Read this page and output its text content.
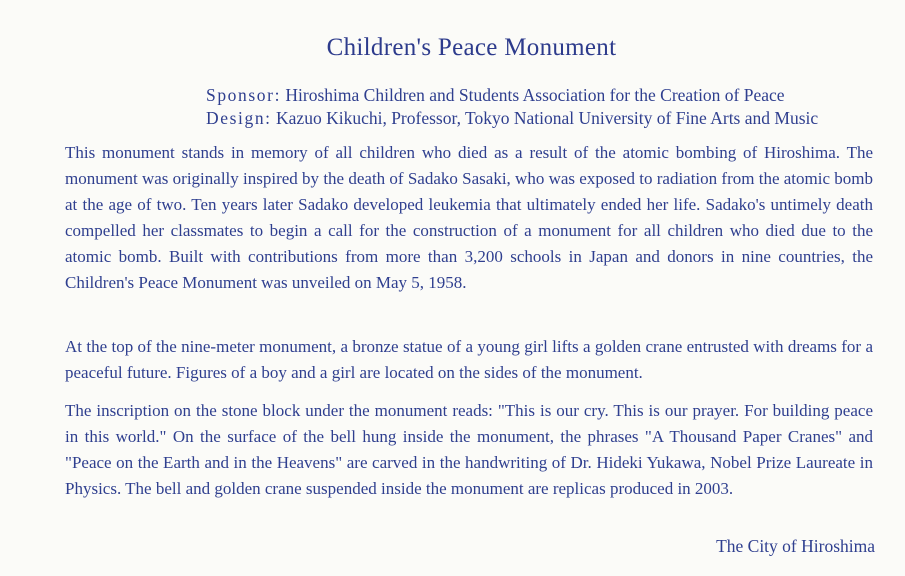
Children's Peace Monument
Sponsor: Hiroshima Children and Students Association for the Creation of Peace
Design: Kazuo Kikuchi, Professor, Tokyo National University of Fine Arts and Music
This monument stands in memory of all children who died as a result of the atomic bombing of Hiroshima. The monument was originally inspired by the death of Sadako Sasaki, who was exposed to radiation from the atomic bomb at the age of two. Ten years later Sadako developed leukemia that ultimately ended her life. Sadako's untimely death compelled her classmates to begin a call for the construction of a monument for all children who died due to the atomic bomb. Built with contributions from more than 3,200 schools in Japan and donors in nine countries, the Children's Peace Monument was unveiled on May 5, 1958.
At the top of the nine-meter monument, a bronze statue of a young girl lifts a golden crane entrusted with dreams for a peaceful future. Figures of a boy and a girl are located on the sides of the monument.
The inscription on the stone block under the monument reads: "This is our cry. This is our prayer. For building peace in this world." On the surface of the bell hung inside the monument, the phrases "A Thousand Paper Cranes" and "Peace on the Earth and in the Heavens" are carved in the handwriting of Dr. Hideki Yukawa, Nobel Prize Laureate in Physics. The bell and golden crane suspended inside the monument are replicas produced in 2003.
The City of Hiroshima
